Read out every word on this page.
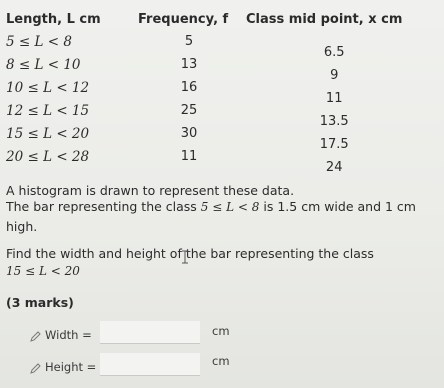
Length, L cm	Frequency, f	Class mid point, x cm
5 ≤ L < 8	5	6.5
8 ≤ L < 10	13	9
10 ≤ L < 12	16	11
12 ≤ L < 15	25	13.5
15 ≤ L < 20	30	17.5
20 ≤ L < 28	11	24
A histogram is drawn to represent these data.
The bar representing the class 5 ≤ L < 8 is 1.5 cm wide and 1 cm
high.
Find the width and height of the bar representing the class
15 ≤ L < 20
(3 marks)
Width =	cm
Height =	cm
